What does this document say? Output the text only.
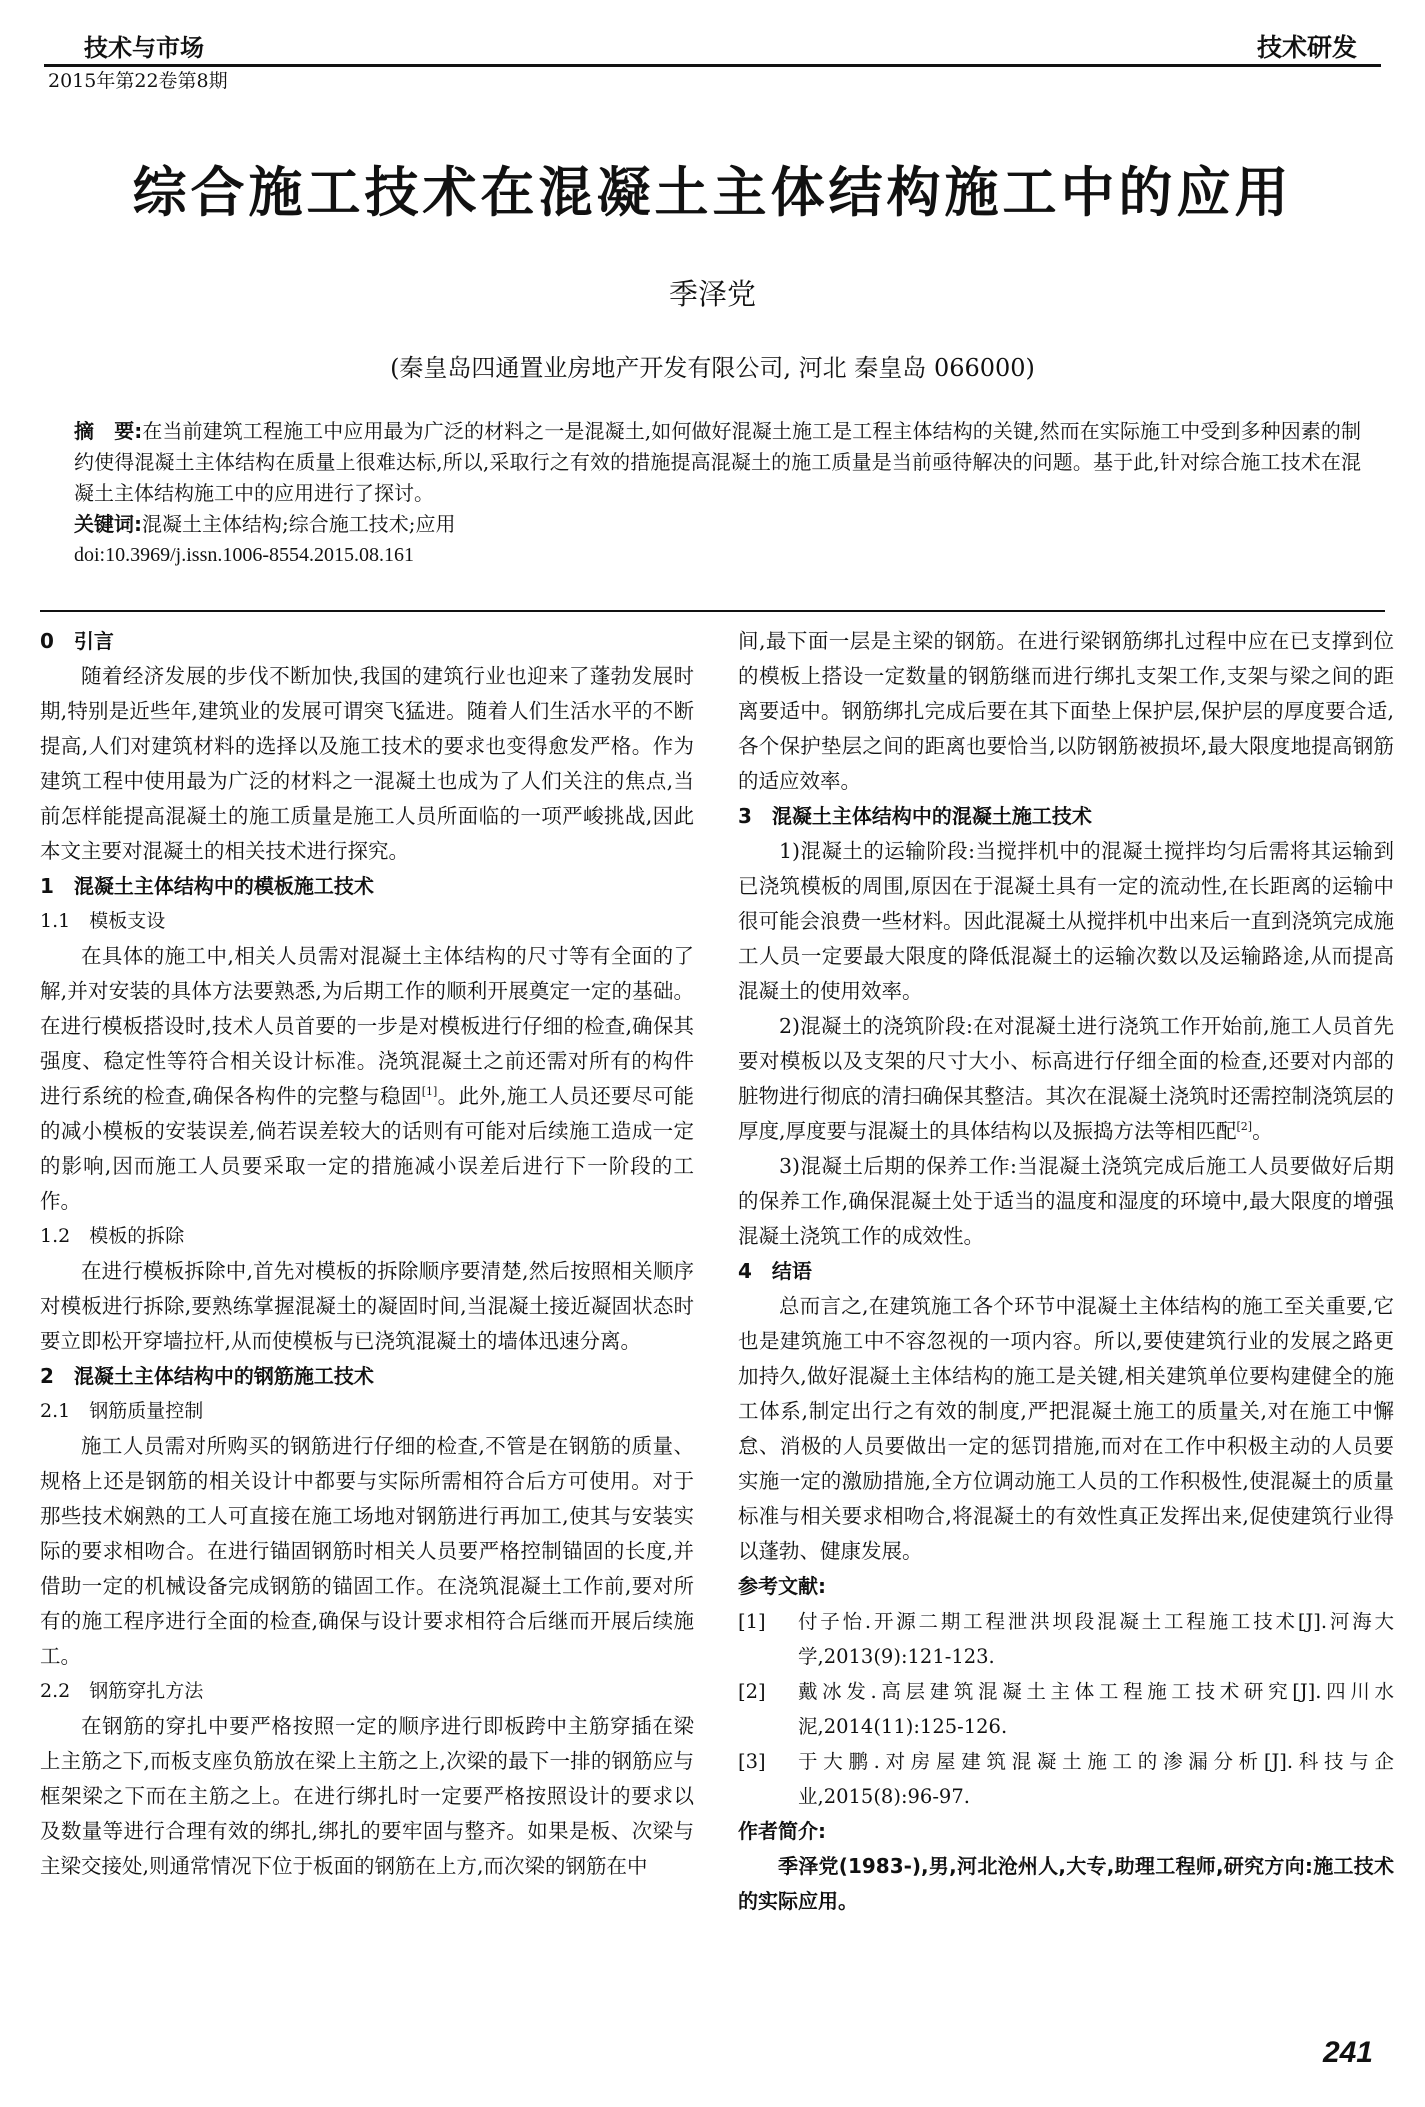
技术与市场	技术研发
2015年第22卷第8期
综合施工技术在混凝土主体结构施工中的应用
季泽党
(秦皇岛四通置业房地产开发有限公司, 河北 秦皇岛 066000)
摘　要:在当前建筑工程施工中应用最为广泛的材料之一是混凝土,如何做好混凝土施工是工程主体结构的关键,然而在实际施工中受到多种因素的制约使得混凝土主体结构在质量上很难达标,所以,采取行之有效的措施提高混凝土的施工质量是当前亟待解决的问题。基于此,针对综合施工技术在混凝土主体结构施工中的应用进行了探讨。
关键词:混凝土主体结构;综合施工技术;应用
doi:10.3969/j.issn.1006-8554.2015.08.161
0　引言
随着经济发展的步伐不断加快,我国的建筑行业也迎来了蓬勃发展时期,特别是近些年,建筑业的发展可谓突飞猛进。随着人们生活水平的不断提高,人们对建筑材料的选择以及施工技术的要求也变得愈发严格。作为建筑工程中使用最为广泛的材料之一混凝土也成为了人们关注的焦点,当前怎样能提高混凝土的施工质量是施工人员所面临的一项严峻挑战,因此本文主要对混凝土的相关技术进行探究。
1　混凝土主体结构中的模板施工技术
1.1　模板支设
在具体的施工中,相关人员需对混凝土主体结构的尺寸等有全面的了解,并对安装的具体方法要熟悉,为后期工作的顺利开展奠定一定的基础。在进行模板搭设时,技术人员首要的一步是对模板进行仔细的检查,确保其强度、稳定性等符合相关设计标准。浇筑混凝土之前还需对所有的构件进行系统的检查,确保各构件的完整与稳固[1]。此外,施工人员还要尽可能的减小模板的安装误差,倘若误差较大的话则有可能对后续施工造成一定的影响,因而施工人员要采取一定的措施减小误差后进行下一阶段的工作。
1.2　模板的拆除
在进行模板拆除中,首先对模板的拆除顺序要清楚,然后按照相关顺序对模板进行拆除,要熟练掌握混凝土的凝固时间,当混凝土接近凝固状态时要立即松开穿墙拉杆,从而使模板与已浇筑混凝土的墙体迅速分离。
2　混凝土主体结构中的钢筋施工技术
2.1　钢筋质量控制
施工人员需对所购买的钢筋进行仔细的检查,不管是在钢筋的质量、规格上还是钢筋的相关设计中都要与实际所需相符合后方可使用。对于那些技术娴熟的工人可直接在施工场地对钢筋进行再加工,使其与安装实际的要求相吻合。在进行锚固钢筋时相关人员要严格控制锚固的长度,并借助一定的机械设备完成钢筋的锚固工作。在浇筑混凝土工作前,要对所有的施工程序进行全面的检查,确保与设计要求相符合后继而开展后续施工。
2.2　钢筋穿扎方法
在钢筋的穿扎中要严格按照一定的顺序进行即板跨中主筋穿插在梁上主筋之下,而板支座负筋放在梁上主筋之上,次梁的最下一排的钢筋应与框架梁之下而在主筋之上。在进行绑扎时一定要严格按照设计的要求以及数量等进行合理有效的绑扎,绑扎的要牢固与整齐。如果是板、次梁与主梁交接处,则通常情况下位于板面的钢筋在上方,而次梁的钢筋在中
间,最下面一层是主梁的钢筋。在进行梁钢筋绑扎过程中应在已支撑到位的模板上搭设一定数量的钢筋继而进行绑扎支架工作,支架与梁之间的距离要适中。钢筋绑扎完成后要在其下面垫上保护层,保护层的厚度要合适,各个保护垫层之间的距离也要恰当,以防钢筋被损坏,最大限度地提高钢筋的适应效率。
3　混凝土主体结构中的混凝土施工技术
1)混凝土的运输阶段:当搅拌机中的混凝土搅拌均匀后需将其运输到已浇筑模板的周围,原因在于混凝土具有一定的流动性,在长距离的运输中很可能会浪费一些材料。因此混凝土从搅拌机中出来后一直到浇筑完成施工人员一定要最大限度的降低混凝土的运输次数以及运输路途,从而提高混凝土的使用效率。
2)混凝土的浇筑阶段:在对混凝土进行浇筑工作开始前,施工人员首先要对模板以及支架的尺寸大小、标高进行仔细全面的检查,还要对内部的脏物进行彻底的清扫确保其整洁。其次在混凝土浇筑时还需控制浇筑层的厚度,厚度要与混凝土的具体结构以及振捣方法等相匹配[2]。
3)混凝土后期的保养工作:当混凝土浇筑完成后施工人员要做好后期的保养工作,确保混凝土处于适当的温度和湿度的环境中,最大限度的增强混凝土浇筑工作的成效性。
4　结语
总而言之,在建筑施工各个环节中混凝土主体结构的施工至关重要,它也是建筑施工中不容忽视的一项内容。所以,要使建筑行业的发展之路更加持久,做好混凝土主体结构的施工是关键,相关建筑单位要构建健全的施工体系,制定出行之有效的制度,严把混凝土施工的质量关,对在施工中懈怠、消极的人员要做出一定的惩罚措施,而对在工作中积极主动的人员要实施一定的激励措施,全方位调动施工人员的工作积极性,使混凝土的质量标准与相关要求相吻合,将混凝土的有效性真正发挥出来,促使建筑行业得以蓬勃、健康发展。
参考文献:
[1]	付子怡.开源二期工程泄洪坝段混凝土工程施工技术[J].河海大学,2013(9):121-123.
[2]	戴冰发.高层建筑混凝土主体工程施工技术研究[J].四川水泥,2014(11):125-126.
[3]	于大鹏.对房屋建筑混凝土施工的渗漏分析[J].科技与企业,2015(8):96-97.
作者简介:
季泽党(1983-),男,河北沧州人,大专,助理工程师,研究方向:施工技术的实际应用。
241
